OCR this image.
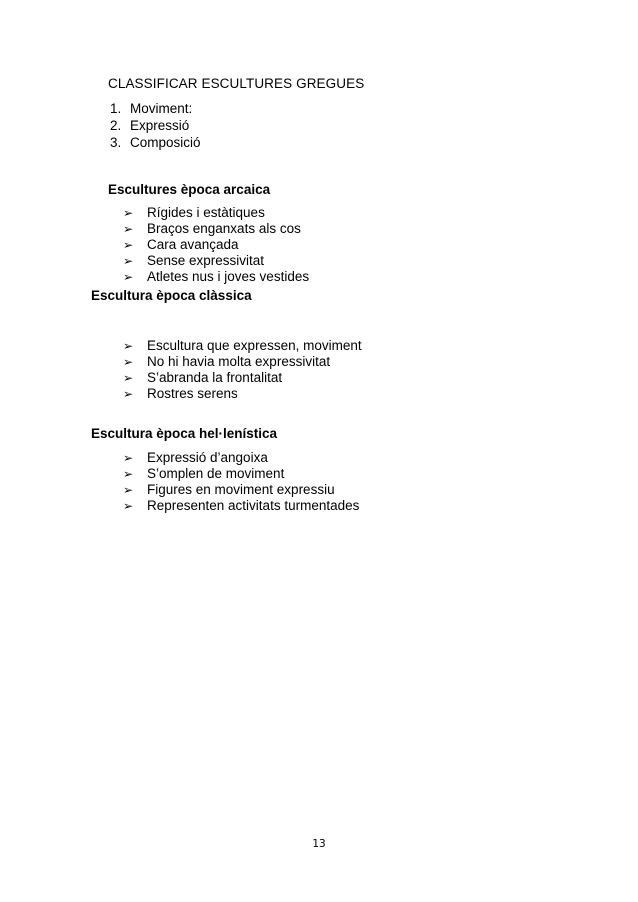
CLASSIFICAR ESCULTURES GREGUES
1. Moviment:
2. Expressió
3. Composició
Escultures època arcaica
➢ Rígides i estàtiques
➢ Braços enganxats als cos
➢ Cara avançada
➢ Sense expressivitat
➢ Atletes nus i joves vestides
Escultura època clàssica
➢ Escultura que expressen, moviment
➢ No hi havia molta expressivitat
➢ S’abranda la frontalitat
➢ Rostres serens
Escultura època hel·lenística
➢ Expressió d’angoixa
➢ S’omplen de moviment
➢ Figures en moviment expressiu
➢ Representen activitats turmentades
13
